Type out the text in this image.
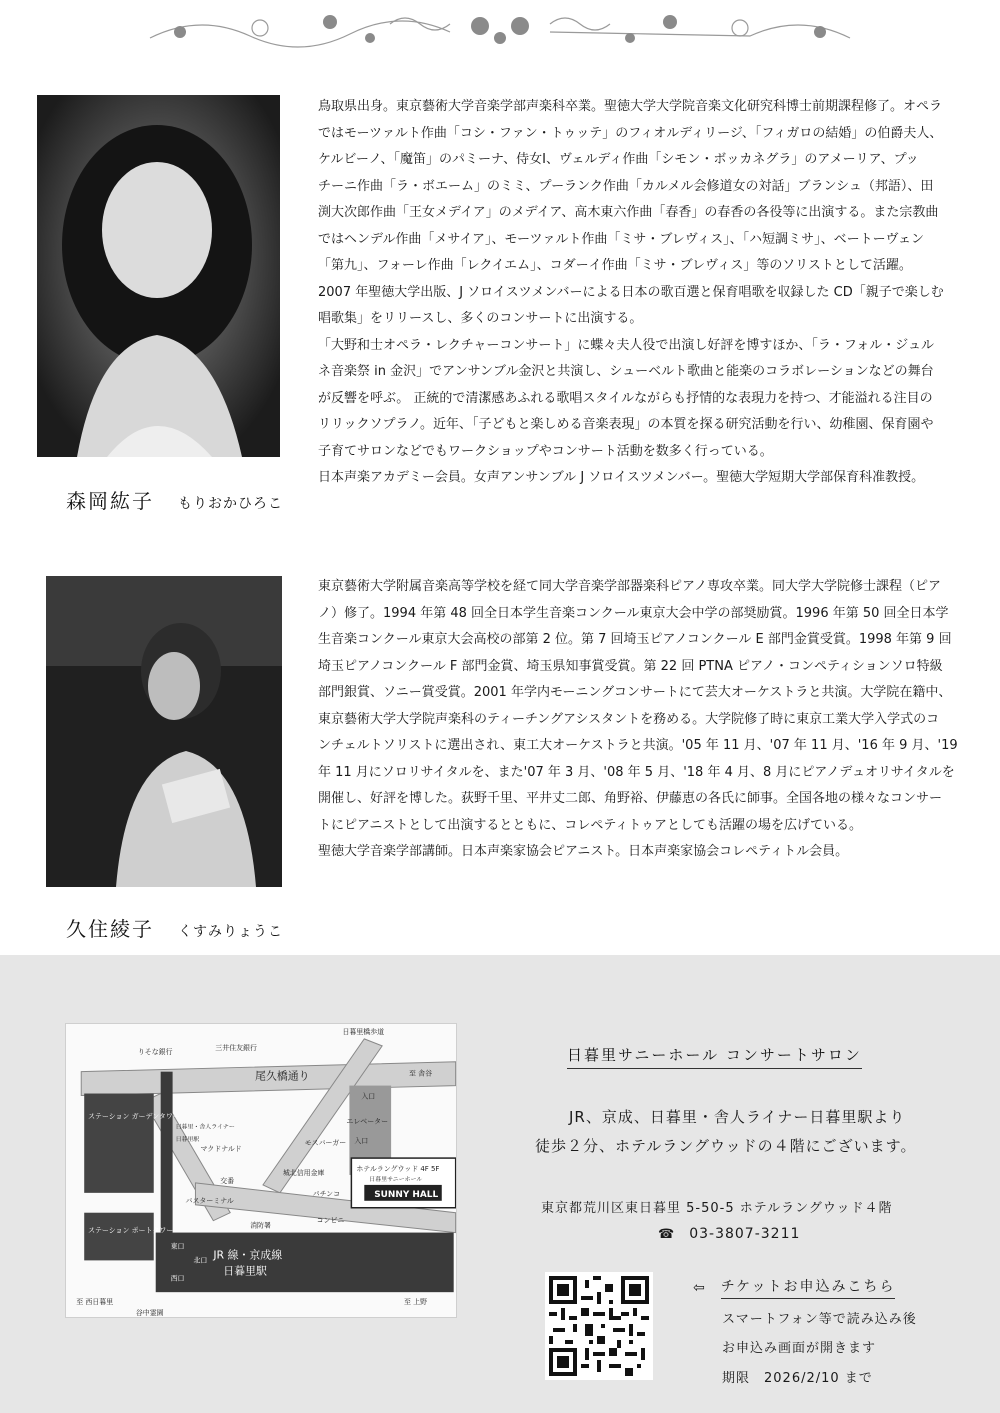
森岡紘子 もりおかひろこ

鳥取県出身。東京藝術大学音楽学部声楽科卒業。聖徳大学大学院音楽文化研究科博士前期課程修了。オペラ

ではモーツァルト作曲「コシ・ファン・トゥッテ」のフィオルディリージ、「フィガロの結婚」の伯爵夫人、

ケルビーノ、「魔笛」のパミーナ、侍女Ⅰ、ヴェルディ作曲「シモン・ボッカネグラ」のアメーリア、プッ

チーニ作曲「ラ・ボエーム」のミミ、プーランク作曲「カルメル会修道女の対話」ブランシュ（邦語）、田

渕大次郎作曲「王女メデイア」のメデイア、高木東六作曲「春香」の春香の各役等に出演する。また宗教曲

ではヘンデル作曲「メサイア」、モーツァルト作曲「ミサ・ブレヴィス」、「ハ短調ミサ」、ベートーヴェン

「第九」、フォーレ作曲「レクイエム」、コダーイ作曲「ミサ・ブレヴィス」等のソリストとして活躍。

2007 年聖徳大学出版、J ソロイスツメンバーによる日本の歌百選と保育唱歌を収録した CD「親子で楽しむ

唱歌集」をリリースし、多くのコンサートに出演する。

「大野和士オペラ・レクチャーコンサート」に蝶々夫人役で出演し好評を博すほか、「ラ・フォル・ジュル

ネ音楽祭 in 金沢」でアンサンブル金沢と共演し、シューベルト歌曲と能楽のコラボレーションなどの舞台

が反響を呼ぶ。 正統的で清潔感あふれる歌唱スタイルながらも抒情的な表現力を持つ、才能溢れる注目の

リリックソプラノ。近年、「子どもと楽しめる音楽表現」の本質を探る研究活動を行い、幼稚園、保育園や

子育てサロンなどでもワークショップやコンサート活動を数多く行っている。

日本声楽アカデミー会員。女声アンサンブル J ソロイスツメンバー。聖徳大学短期大学部保育科准教授。

久住綾子 くすみりょうこ

東京藝術大学附属音楽高等学校を経て同大学音楽学部器楽科ピアノ専攻卒業。同大学大学院修士課程（ピア

ノ）修了。1994 年第 48 回全日本学生音楽コンクール東京大会中学の部奨励賞。1996 年第 50 回全日本学

生音楽コンクール東京大会高校の部第 2 位。第 7 回埼玉ピアノコンクール E 部門金賞受賞。1998 年第 9 回

埼玉ピアノコンクール F 部門金賞、埼玉県知事賞受賞。第 22 回 PTNA ピアノ・コンペティションソロ特級

部門銀賞、ソニー賞受賞。2001 年学内モーニングコンサートにて芸大オーケストラと共演。大学院在籍中、

東京藝術大学大学院声楽科のティーチングアシスタントを務める。大学院修了時に東京工業大学入学式のコ

ンチェルトソリストに選出され、東工大オーケストラと共演。'05 年 11 月、'07 年 11 月、'16 年 9 月、'19

年 11 月にソロリサイタルを、また'07 年 3 月、'08 年 5 月、'18 年 4 月、8 月にピアノデュオリサイタルを

開催し、好評を博した。荻野千里、平井丈二郎、角野裕、伊藤恵の各氏に師事。全国各地の様々なコンサー

トにピアニストとして出演するとともに、コレペティトゥアとしても活躍の場を広げている。

聖徳大学音楽学部講師。日本声楽家協会ピアニスト。日本声楽家協会コレペティトル会員。

日暮里橋歩道
りそな銀行	三井住友銀行
尾久橋通り	至 舎谷
入口
入口
ステーション ガーデンタワー
日暮里・舎人ライナー
日暮里駅
マクドナルド
モスバーガー
城北信用金庫
交番
バスターミナル
パチンコ
消防署
コンビニ
ステーション ポートタワー
ホテルラングウッド 4F 5F
日暮里サニーホール
SUNNY HALL
エレベーター
東口
北口
西口
JR 線・京成線
日暮里駅
至 西日暮里	至 上野
谷中霊園
日暮里サニーホール コンサートサロン
JR、京成、日暮里・舎人ライナー日暮里駅より
徒歩２分、ホテルラングウッドの４階にございます。
東京都荒川区東日暮里 5-50-5 ホテルラングウッド４階
☎ 03-3807-3211
⇦ チケットお申込みこちら
スマートフォン等で読み込み後
お申込み画面が開きます
期限 2026/2/10 まで
